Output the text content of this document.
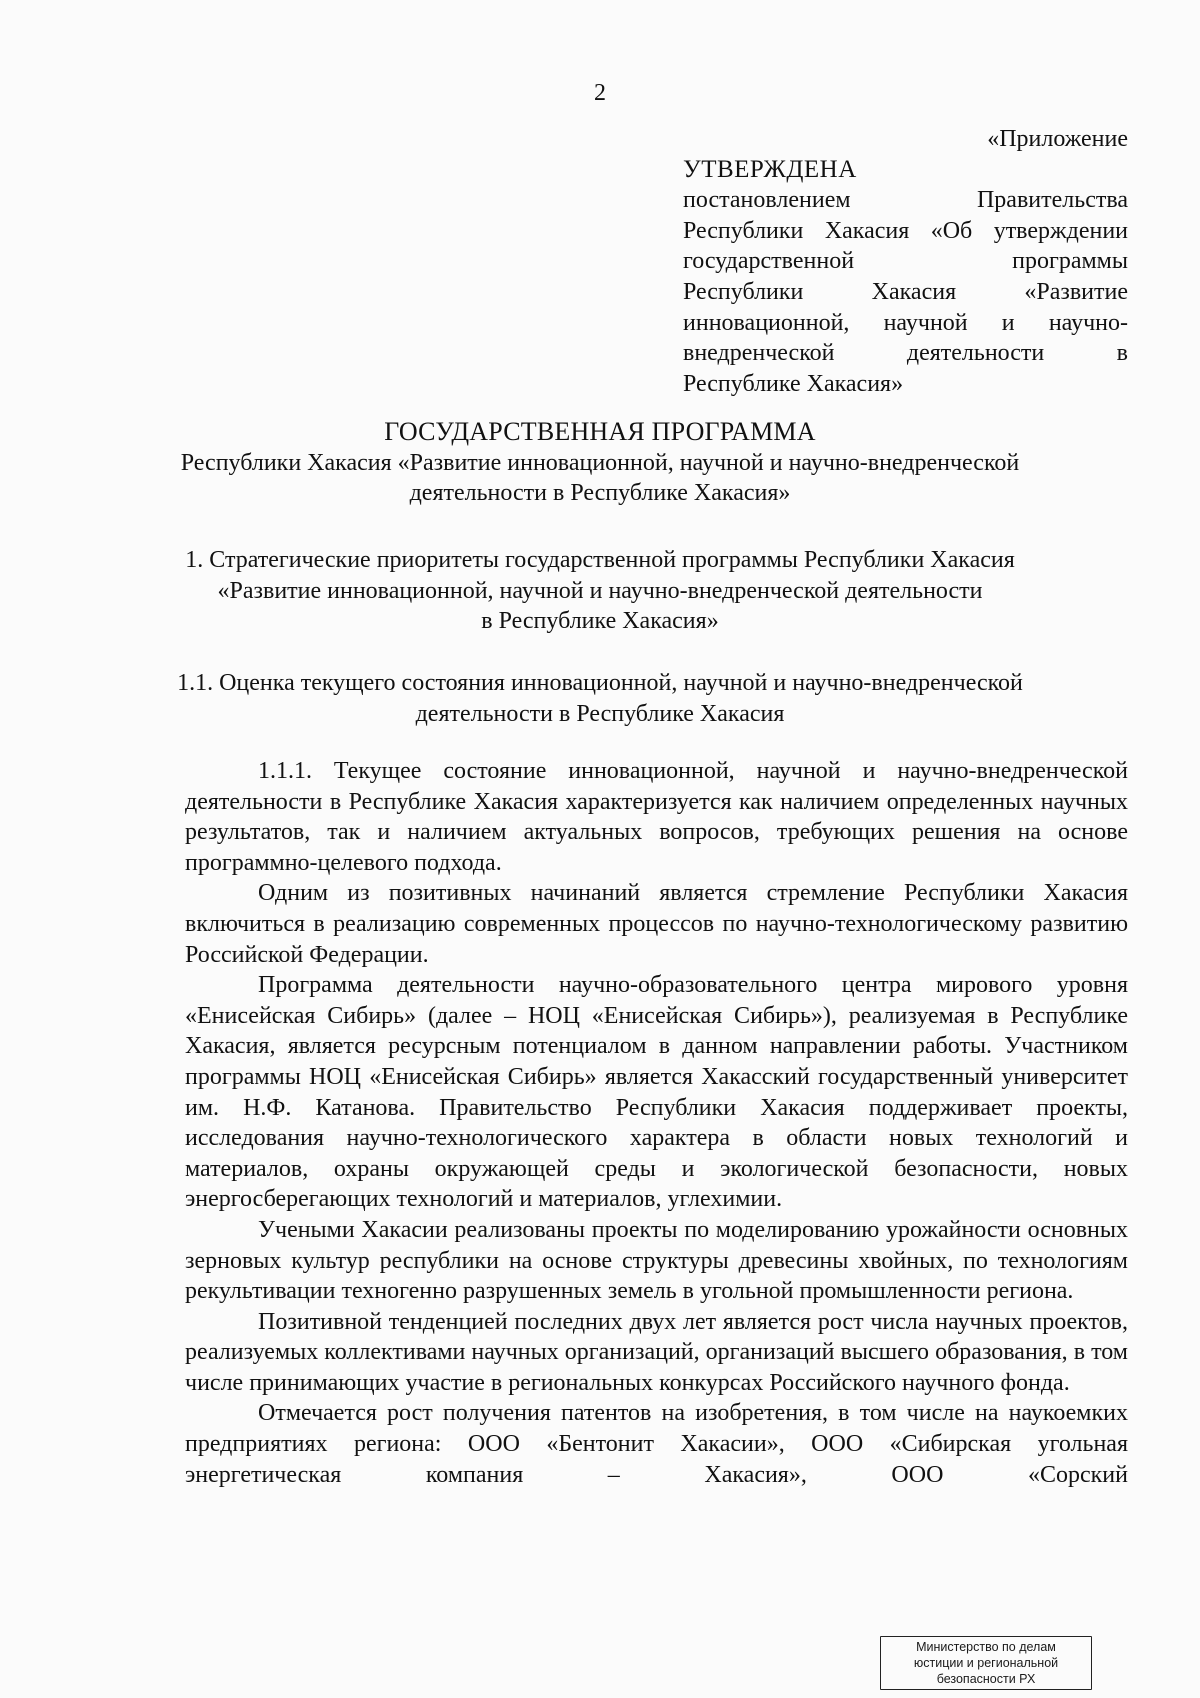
2
«Приложение
УТВЕРЖДЕНА
постановлением Правительства
Республики Хакасия «Об утверждении
государственной программы
Республики Хакасия «Развитие
инновационной, научной и научно-
внедренческой деятельности в
Республике Хакасия»
ГОСУДАРСТВЕННАЯ ПРОГРАММА
Республики Хакасия «Развитие инновационной, научной и научно-внедренческой
деятельности в Республике Хакасия»
1. Стратегические приоритеты государственной программы Республики Хакасия
«Развитие инновационной, научной и научно-внедренческой деятельности
в Республике Хакасия»
1.1. Оценка текущего состояния инновационной, научной и научно-внедренческой
деятельности в Республике Хакасия

1.1.1. Текущее состояние инновационной, научной и научно-внедренческой деятельности в Республике Хакасия характеризуется как наличием определенных научных результатов, так и наличием актуальных вопросов, требующих решения на основе программно-целевого подхода.

Одним из позитивных начинаний является стремление Республики Хакасия включиться в реализацию современных процессов по научно-технологическому развитию Российской Федерации.

Программа деятельности научно-образовательного центра мирового уровня «Енисейская Сибирь» (далее – НОЦ «Енисейская Сибирь»), реализуемая в Республике Хакасия, является ресурсным потенциалом в данном направлении работы. Участником программы НОЦ «Енисейская Сибирь» является Хакасский государственный университет им. Н.Ф. Катанова. Правительство Республики Хакасия поддерживает проекты, исследования научно-технологического характера в области новых технологий и материалов, охраны окружающей среды и экологической безопасности, новых энергосберегающих технологий и материалов, углехимии.

Учеными Хакасии реализованы проекты по моделированию урожайности основных зерновых культур республики на основе структуры древесины хвойных, по технологиям рекультивации техногенно разрушенных земель в угольной промышленности региона.

Позитивной тенденцией последних двух лет является рост числа научных проектов, реализуемых коллективами научных организаций, организаций высшего образования, в том числе принимающих участие в региональных конкурсах Российского научного фонда.

Отмечается рост получения патентов на изобретения, в том числе на наукоемких предприятиях региона: ООО «Бентонит Хакасии», ООО «Сибирская угольная энергетическая компания – Хакасия», ООО «Сорский

Министерство по делам
юстиции и региональной
безопасности РХ
